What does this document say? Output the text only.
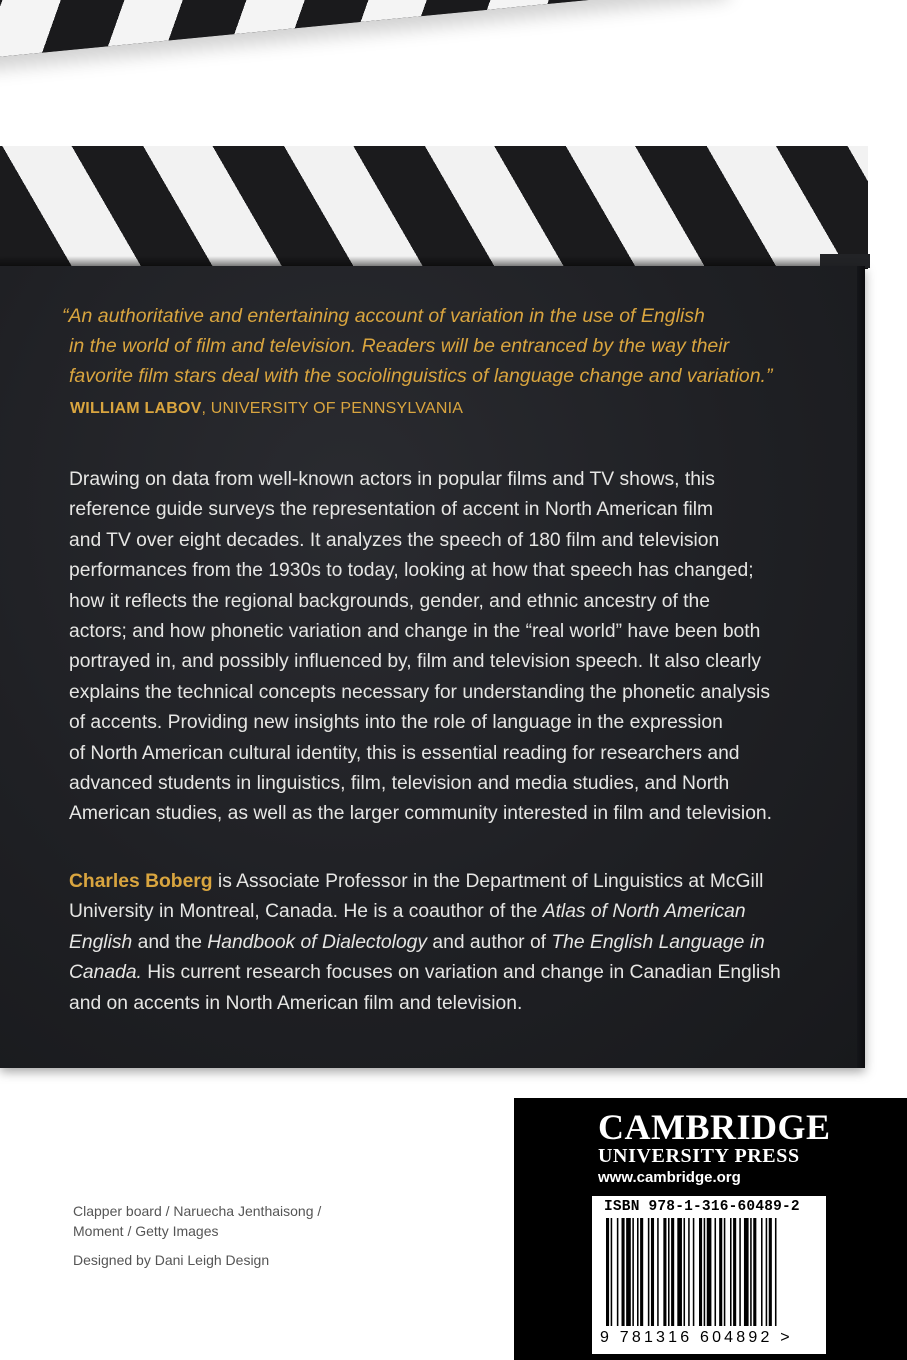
“An authoritative and entertaining account of variation in the use of English
in the world of film and television. Readers will be entranced by the way their
favorite film stars deal with the sociolinguistics of language change and variation.”
WILLIAM LABOV, UNIVERSITY OF PENNSYLVANIA
Drawing on data from well-known actors in popular films and TV shows, this
reference guide surveys the representation of accent in North American film
and TV over eight decades. It analyzes the speech of 180 film and television
performances from the 1930s to today, looking at how that speech has changed;
how it reflects the regional backgrounds, gender, and ethnic ancestry of the
actors; and how phonetic variation and change in the “real world” have been both
portrayed in, and possibly influenced by, film and television speech. It also clearly
explains the technical concepts necessary for understanding the phonetic analysis
of accents. Providing new insights into the role of language in the expression
of North American cultural identity, this is essential reading for researchers and
advanced students in linguistics, film, television and media studies, and North
American studies, as well as the larger community interested in film and television.
Charles Boberg is Associate Professor in the Department of Linguistics at McGill
University in Montreal, Canada. He is a coauthor of the Atlas of North American
English and the Handbook of Dialectology and author of The English Language in
Canada. His current research focuses on variation and change in Canadian English
and on accents in North American film and television.
Clapper board / Naruecha Jenthaisong /
Moment / Getty Images
Designed by Dani Leigh Design
CAMBRIDGE
UNIVERSITY PRESS
www.cambridge.org
ISBN 978-1-316-60489-2
9 781316 604892 >
